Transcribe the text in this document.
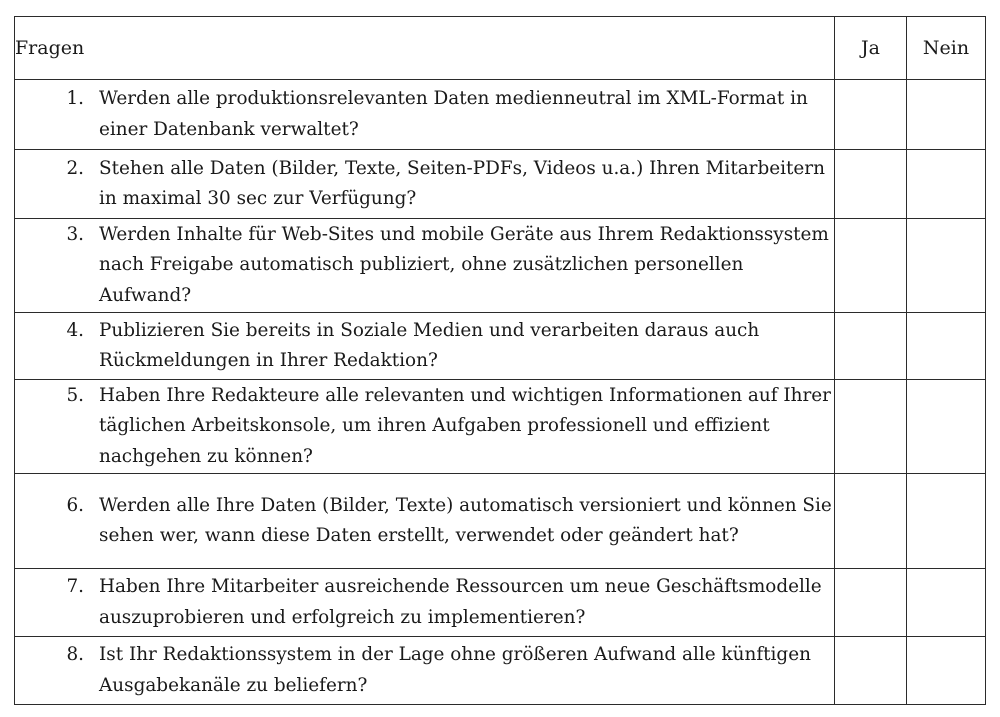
Fragen	Ja	Nein

1. Werden alle produktionsrelevanten Daten medienneutral im XML-Format in einer Datenbank verwaltet?		

2. Stehen alle Daten (Bilder, Texte, Seiten-PDFs, Videos u.a.) Ihren Mitarbeitern in maximal 30 sec zur Verfügung?		

3. Werden Inhalte für Web-Sites und mobile Geräte aus Ihrem Redaktionssystem nach Freigabe automatisch publiziert, ohne zusätzlichen personellen Aufwand?		

4. Publizieren Sie bereits in Soziale Medien und verarbeiten daraus auch Rückmeldungen in Ihrer Redaktion?		

5. Haben Ihre Redakteure alle relevanten und wichtigen Informationen auf Ihrer täglichen Arbeitskonsole, um ihren Aufgaben professionell und effizient nachgehen zu können?		

6. Werden alle Ihre Daten (Bilder, Texte) automatisch versioniert und können Sie sehen wer, wann diese Daten erstellt, verwendet oder geändert hat?		

7. Haben Ihre Mitarbeiter ausreichende Ressourcen um neue Geschäftsmodelle auszuprobieren und erfolgreich zu implementieren?		

8. Ist Ihr Redaktionssystem in der Lage ohne größeren Aufwand alle künftigen Ausgabekanäle zu beliefern?		
